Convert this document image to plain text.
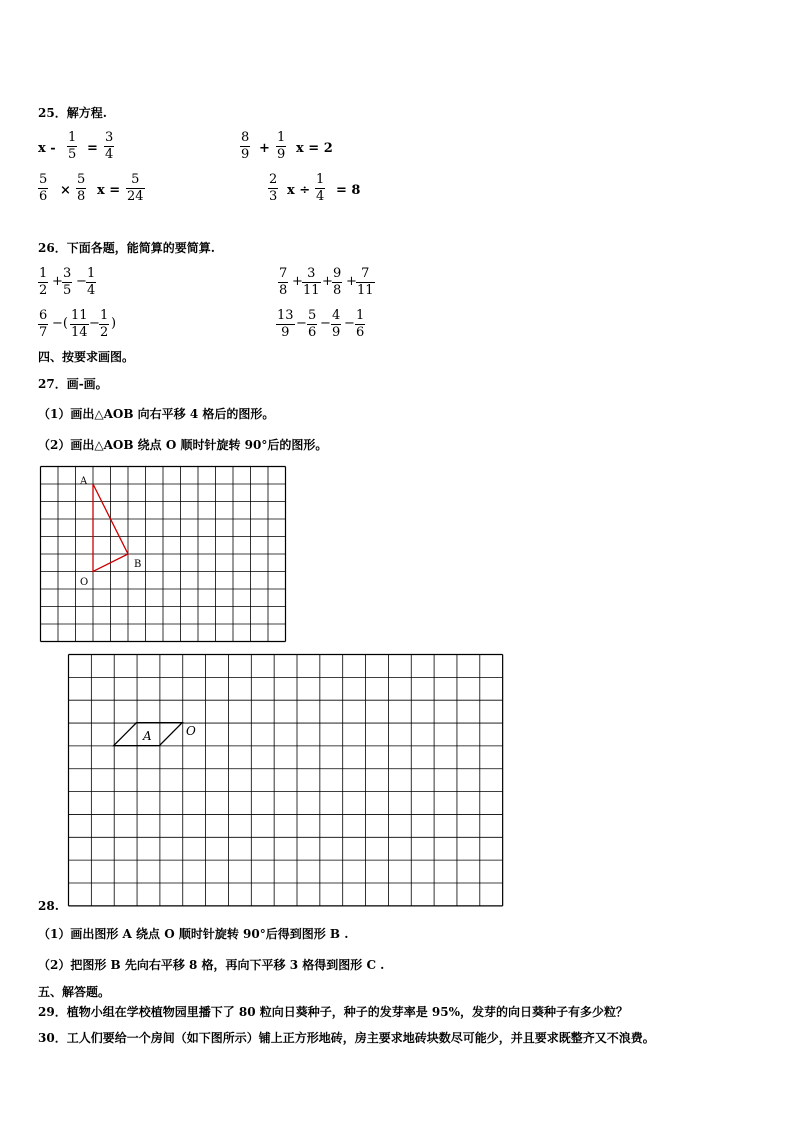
25．解方程.
$x - \frac{1}{5} = \frac{3}{4}$	$\frac{8}{9} + \frac{1}{9}$ x = 2
$\frac{5}{6} \times \frac{5}{8}$ $x = \frac{5}{24}$	$\frac{2}{3}$ $x \div \frac{1}{4} = 8$
26．下面各题，能简算的要简算.
$\frac{1}{2} + \frac{3}{5} - \frac{1}{4}$	$\frac{7}{8} + \frac{3}{11} + \frac{9}{8} + \frac{7}{11}$
$\frac{6}{7}$ −( $\frac{11}{14} - \frac{1}{2}$ )	$\frac{13}{9} - \frac{5}{6} - \frac{4}{9} - \frac{1}{6}$
四、按要求画图。
27．画-画。
（1）画出△AOB 向右平移 4 格后的图形。
（2）画出△AOB 绕点 O 顺时针旋转 90°后的图形。
A
B
O
A	O
28.
（1）画出图形 A 绕点 O 顺时针旋转 90°后得到图形 B .
（2）把图形 B 先向右平移 8 格，再向下平移 3 格得到图形 C .
五、解答题。
29．植物小组在学校植物园里播下了 80 粒向日葵种子，种子的发芽率是 95%，发芽的向日葵种子有多少粒？
30．工人们要给一个房间（如下图所示）铺上正方形地砖，房主要求地砖块数尽可能少，并且要求既整齐又不浪费。
